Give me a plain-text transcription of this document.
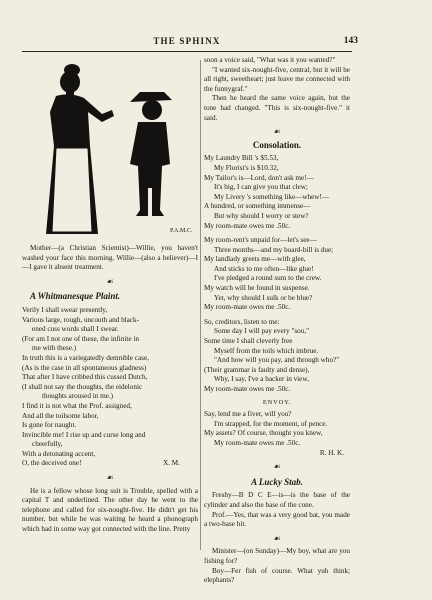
THE SPHINX	143
P.A.M.C.

Mother—(a Christian Scientist)—Willie, you haven't washed your face this morning. Willie—(also a believer)—I—I gave it absent treatment.

☙
A Whitmanesque Plaint.
Verily I shall swear presently,
Various large, rough, uncouth and black-
ened cuss words shall I swear.
(For am I not one of these, the infinite in
me with these.)
In truth this is a variegatedly demnible case,
(As is the case in all spontaneous gladness)
That after I have cribbed this cussed Dutch,
(I shall not say the thoughts, the eidelonic
thoughts aroused in me.)
I find it is not what the Prof. assigned,
And all the toilsome labor,
Is gone for naught.
Invincible me! I rise up and curse long and
cheerfully,
With a detonating accent,
O, the deceived one!	X. M.
☙

He is a fellow whose long suit is Trouble, spelled with a capital T and underlined. The other day he went to the telephone and called for six-nought-five. He didn't get his number, but while he was waiting he heard a phonograph which had in some way got connected with the line. Pretty

soon a voice said, "What was it you wanted?"

"I wanted six-nought-five, central, but it will be all right, sweetheart; just leave me connected with the funnygraf."

Then he heard the same voice again, but the tone had changed. "This is six-nought-five." it said.

☙
Consolation.
My Laundry Bill 's $5.53,
My Florist's is $10.32,
My Tailor's is—Lord, don't ask me!—
It's big, I can give you that clew;
My Livery 's something like—whew!—
A hundred, or something immense—
But why should I worry or stew?
My room-mate owes me .50c.
My room-rent's unpaid for—let's see—
Three months—and my board-bill is due;
My landlady greets me—with glee,
And sticks to me often—like glue!
I've pledged a round sum to the crew.
My watch will be found in suspense.
Yet, why should I sulk or be blue?
My room-mate owes me .50c.
So, creditors, listen to me:
Some day I will pay every "sou,"
Some time I shall cleverly free
Myself from the toils which imbrue.
"And how will you pay, and through who?"
(Their grammar is faulty and dense),
Why, I say, I've a backer in view,
My room-mate owes me .50c.
ENVOY.
Say, lend me a fiver, will you?
I'm strapped, for the moment, of pence.
My assets? Of course, thought you knew,
My room-mate owes me .50c.
R. H. K.
☙
A Lucky Stab.

Freshy—B D C E—is—is the base of the cylinder and also the base of the cone.

Prof.—Yes, that was a very good bat, you made a two-base hit.

☙

Minister—(on Sunday)—My boy, what are you fishing for?

Boy—Fer fish of course. What yuh think; elephants?
